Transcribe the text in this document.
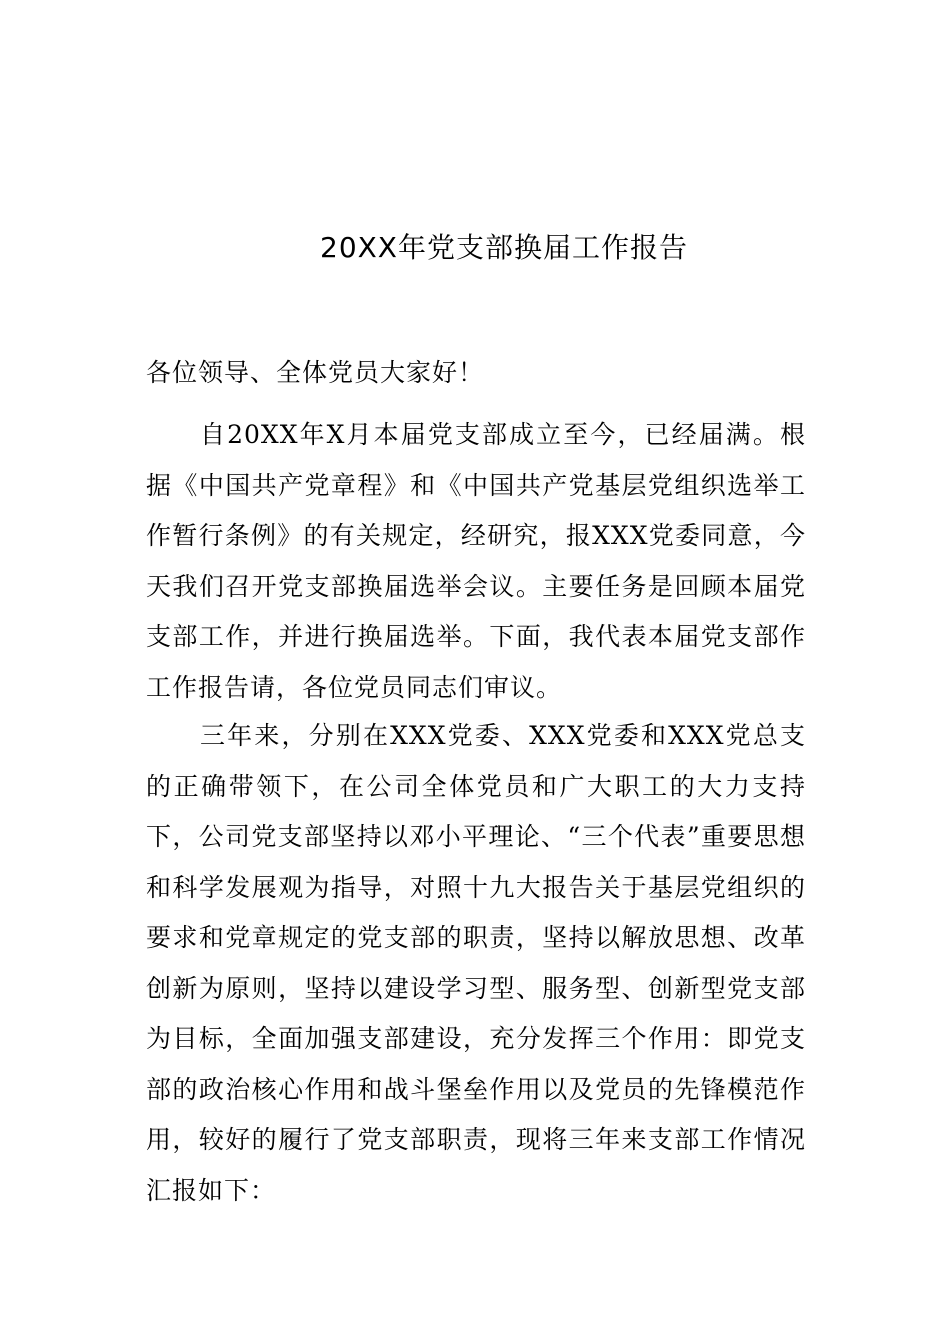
20XX年党支部换届工作报告
各位领导、全体党员大家好！

自20XX年X月本届党支部成立至今，已经届满。根据《中国共产党章程》和《中国共产党基层党组织选举工作暂行条例》的有关规定，经研究，报XXX党委同意，今天我们召开党支部换届选举会议。主要任务是回顾本届党支部工作，并进行换届选举。下面，我代表本届党支部作工作报告请，各位党员同志们审议。

三年来，分别在XXX党委、XXX党委和XXX党总支的正确带领下，在公司全体党员和广大职工的大力支持下，公司党支部坚持以邓小平理论、“三个代表”重要思想和科学发展观为指导，对照十九大报告关于基层党组织的要求和党章规定的党支部的职责，坚持以解放思想、改革创新为原则，坚持以建设学习型、服务型、创新型党支部为目标，全面加强支部建设，充分发挥三个作用：即党支部的政治核心作用和战斗堡垒作用以及党员的先锋模范作用，较好的履行了党支部职责，现将三年来支部工作情况汇报如下：
